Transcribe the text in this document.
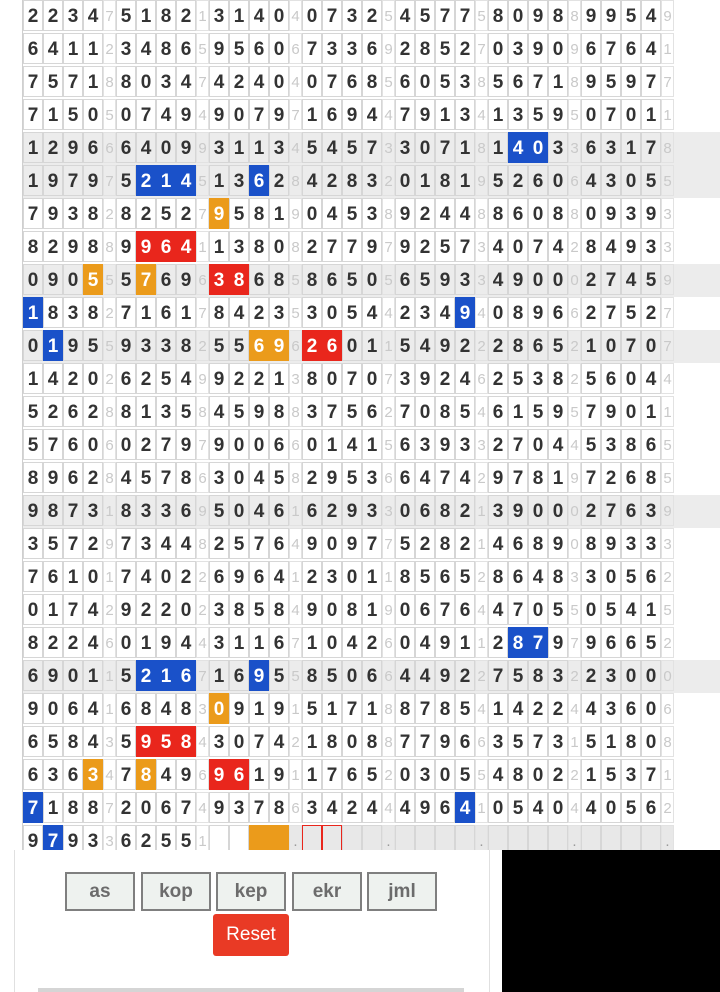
2 2 3 4 7 5 1 8 2 1 3 1 4 0 4 0 7 3 2 5 4 5 7 7 5 8 0 9 8 8 9 9 5 4 9
6 4 1 1 2 3 4 8 6 5 9 5 6 0 6 7 3 3 6 9 2 8 5 2 7 0 3 9 0 9 6 7 6 4 1
7 5 7 1 8 8 0 3 4 7 4 2 4 0 4 0 7 6 8 5 6 0 5 3 8 5 6 7 1 8 9 5 9 7 7
7 1 5 0 5 0 7 4 9 4 9 0 7 9 7 1 6 9 4 4 7 9 1 3 4 1 3 5 9 5 0 7 0 1 1
1 2 9 6 6 6 4 0 9 9 3 1 1 3 4 5 4 5 7 3 3 0 7 1 8 1 4 0 3 3 6 3 1 7 8
1 9 7 9 7 5 2 1 4 5 1 3 6 2 8 4 2 8 3 2 0 1 8 1 9 5 2 6 0 6 4 3 0 5 5
7 9 3 8 2 8 2 5 2 7 9 5 8 1 9 0 4 5 3 8 9 2 4 4 8 8 6 0 8 8 0 9 3 9 3
8 2 9 8 8 9 9 6 4 1 1 3 8 0 8 2 7 7 9 7 9 2 5 7 3 4 0 7 4 2 8 4 9 3 3
0 9 0 5 5 5 7 6 9 6 3 8 6 8 5 8 6 5 0 5 6 5 9 3 3 4 9 0 0 0 2 7 4 5 9
1 8 3 8 2 7 1 6 1 7 8 4 2 3 5 3 0 5 4 4 2 3 4 9 4 0 8 9 6 6 2 7 5 2 7
0 1 9 5 5 9 3 3 8 2 5 5 6 9 6 2 6 0 1 1 5 4 9 2 2 2 8 6 5 2 1 0 7 0 7
1 4 2 0 2 6 2 5 4 9 9 2 2 1 3 8 0 7 0 7 3 9 2 4 6 2 5 3 8 2 5 6 0 4 4
5 2 6 2 8 8 1 3 5 8 4 5 9 8 8 3 7 5 6 2 7 0 8 5 4 6 1 5 9 5 7 9 0 1 1
5 7 6 0 6 0 2 7 9 7 9 0 0 6 6 0 1 4 1 5 6 3 9 3 3 2 7 0 4 4 5 3 8 6 5
8 9 6 2 8 4 5 7 8 6 3 0 4 5 8 2 9 5 3 6 6 4 7 4 2 9 7 8 1 9 7 2 6 8 5
9 8 7 3 1 8 3 3 6 9 5 0 4 6 1 6 2 9 3 3 0 6 8 2 1 3 9 0 0 0 2 7 6 3 9
3 5 7 2 9 7 3 4 4 8 2 5 7 6 4 9 0 9 7 7 5 2 8 2 1 4 6 8 9 0 8 9 3 3 3
7 6 1 0 1 7 4 0 2 2 6 9 6 4 1 2 3 0 1 1 8 5 6 5 2 8 6 4 8 3 3 0 5 6 2
0 1 7 4 2 9 2 2 0 2 3 8 5 8 4 9 0 8 1 9 0 6 7 6 4 4 7 0 5 5 0 5 4 1 5
8 2 2 4 6 0 1 9 4 4 3 1 1 6 7 1 0 4 2 6 0 4 9 1 1 2 8 7 9 7 9 6 6 5 2
6 9 0 1 1 5 2 1 6 7 1 6 9 5 5 8 5 0 6 6 4 4 9 2 2 7 5 8 3 2 2 3 0 0 0
9 0 6 4 1 6 8 4 8 3 0 9 1 9 1 5 1 7 1 8 8 7 8 5 4 1 4 2 2 4 4 3 6 0 6
6 5 8 4 3 5 9 5 8 4 3 0 7 4 2 1 8 0 8 8 7 7 9 6 6 3 5 7 3 1 5 1 8 0 8
6 3 6 3 4 7 8 4 9 6 9 6 1 9 1 1 7 6 5 2 0 3 0 5 5 4 8 0 2 2 1 5 3 7 1
7 1 8 8 7 2 0 6 7 4 9 3 7 8 6 3 4 2 4 4 4 9 6 4 1 0 5 4 0 4 4 0 5 6 2
9 7 9 3 3 6 2 5 5 1	.	.	.	.	.
as	kop	kep	ekr	jml
Reset
